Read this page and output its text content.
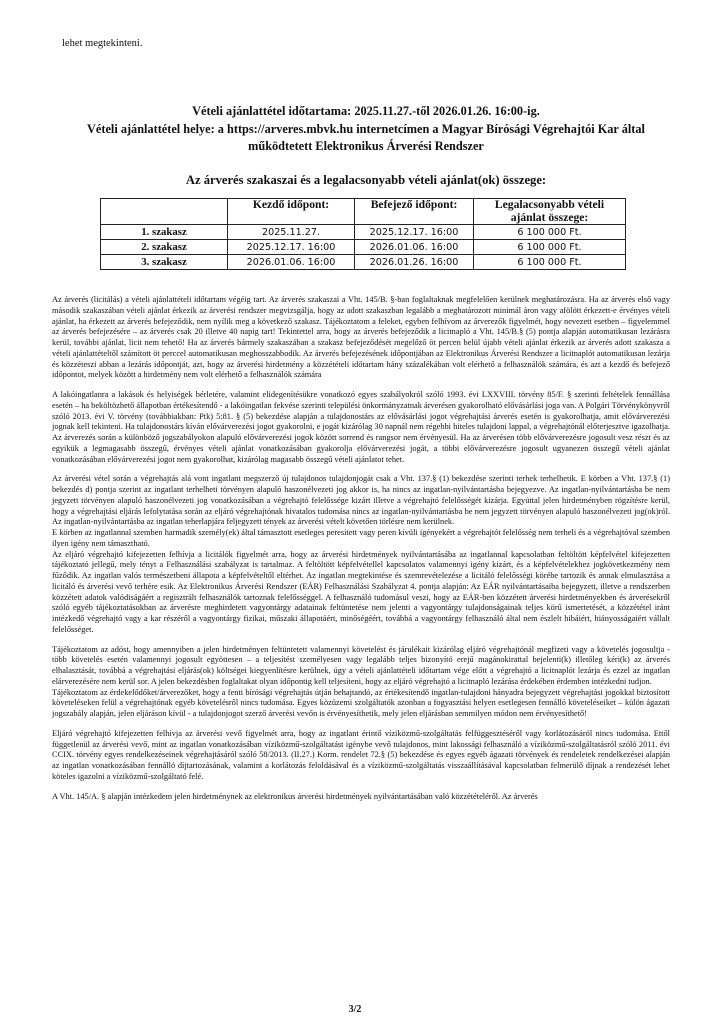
lehet megtekinteni.
Vételi ajánlattétel időtartama: 2025.11.27.-től 2026.01.26. 16:00-ig.
Vételi ajánlattétel helye: a https://arveres.mbvk.hu internetcímen a Magyar Bírósági Végrehajtói Kar által
működtetett Elektronikus Árverési Rendszer
Az árverés szakaszai és a legalacsonyabb vételi ajánlat(ok) összege:
	Kezdő időpont:	Befejező időpont:	Legalacsonyabb vételi ajánlat összege:
1. szakasz	2025.11.27.	2025.12.17. 16:00	6 100 000 Ft.
2. szakasz	2025.12.17. 16:00	2026.01.06. 16:00	6 100 000 Ft.
3. szakasz	2026.01.06. 16:00	2026.01.26. 16:00	6 100 000 Ft.

Az árverés (licitálás) a vételi ajánlattételi időtartam végéig tart. Az árverés szakaszai a Vht. 145/B. §-ban foglaltaknak megfelelően kerülnek meghatározásra. Ha az árverés első vagy második szakaszában vételi ajánlat érkezik az árverési rendszer megvizsgálja, hogy az adott szakaszban legalább a meghatározott minimál áron vagy afölött érkezett-e érvényes vételi ajánlat, ha érkezett az árverés befejeződik, nem nyílik meg a következő szakasz. Tájékoztatom a feleket, egyben felhívom az árverezők figyelmét, hogy nevezett esetben – figyelemmel az árverés befejezésére – az árverés csak 20 illetve 40 napig tart! Tekintettel arra, hogy az árverés befejeződik a licitnapló a Vht. 145/B.§ (5) pontja alapján automatikusan lezárásra kerül, további ajánlat, licit nem tehető! Ha az árverés bármely szakaszában a szakasz befejeződését megelőző öt percen belül újabb vételi ajánlat érkezik az árverés adott szakasza a vételi ajánlattételtől számított öt perccel automatikusan meghosszabbodik. Az árverés befejezésének időpontjában az Elektronikus Árverési Rendszer a licitnaplót automatikusan lezárja és közzéteszi abban a lezárás időpontját, azt, hogy az árverési hirdetmény a közzétételi időtartam hány százalékában volt elérhető a felhasználók számára, és azt a kezdő és befejező időpontot, melyek között a hirdetmény nem volt elérhető a felhasználók számára

A lakóingatlanra a lakások és helyiségek bérletére, valamint elidegenítésükre vonatkozó egyes szabályokról szóló 1993. évi LXXVIII. törvény 85/F. § szerinti feltételek fennállása esetén – ha beköltözhető állapotban értékesítendő - a lakóingatlan fekvése szerinti települési önkormányzatnak árverésen gyakorolható elővásárlási joga van. A Polgári Törvénykönyvről szóló 2013. évi V. törvény (továbbiakban: Ptk) 5:81. § (5) bekezdése alapján a tulajdonostárs az elővásárlási jogot végrehajtási árverés esetén is gyakorolhatja, amit elővárverezési jognak kell tekinteni. Ha tulajdonostárs kíván elővárverezési jogot gyakorolni, e jogát kizárólag 30 napnál nem régebbi hiteles tulajdoni lappal, a végrehajtónál előterjesztve igazolhatja. Az árverezés során a különböző jogszabályokon alapuló elővárverezési jogok között sorrend és rangsor nem érvényesül. Ha az árverésen több elővárverezésre jogosult vesz részt és az egyikük a legmagasabb összegű, érvényes vételi ajánlat vonatkozásában gyakorolja elővárverezési jogát, a többi elővárverezésre jogosult ugyanezen összegű vételi ajánlat vonatkozásában elővárverezési jogot nem gyakorolhat, kizárólag magasabb összegű vételi ajánlatot tehet.

Az árverési vétel során a végrehajtás alá vont ingatlant megszerző új tulajdonos tulajdonjogát csak a Vht. 137.§ (1) bekezdése szerinti terhek terhelhetik. E körben a Vht. 137.§ (1) bekezdés d) pontja szerint az ingatlant terhelheti törvényen alapuló haszonélvezeti jog akkor is, ha nincs az ingatlan-nyilvántartásba bejegyezve. Az ingatlan-nyilvántartásba be nem jegyzett törvényen alapuló haszonélvezeti jog vonatkozásában a végrehajtó felelőssége kizárt illetve a végrehajtó felelősségét kizárja. Egyúttal jelen hirdetményben rögzítésre kerül, hogy a végrehajtási eljárás lefolytatása során az eljáró végrehajtónak hivatalos tudomása nincs az ingatlan-nyilvántartásba be nem jegyzett törvényen alapuló haszonélvezeti jog(ok)ról. Az ingatlan-nyilvántartásba az ingatlan teherlapjára feljegyzett tények az árverési vételt követően törlésre nem kerülnek.

E körben az ingatlannal szemben harmadik személy(ek) által támasztott esetleges peresített vagy peren kívüli igényekért a végrehajtót felelősség nem terheli és a végrehajtóval szemben ilyen igény nem támasztható.

Az eljáró végrehajtó kifejezetten felhívja a licitálók figyelmét arra, hogy az árverési hirdetmények nyilvántartásába az ingatlannal kapcsolatban feltöltött képfelvétel kifejezetten tájékoztató jellegű, mely tényt a Felhasználási szabályzat is tartalmaz. A feltöltött képfelvétellel kapcsolatos valamennyi igény kizárt, és a képfelvételekhez jogkövetkezmény nem fűződik. Az ingatlan valós természetbeni állapota a képfelvételtől eltérhet. Az ingatlan megtekintése és szemrevételezése a licitáló felelősségi körébe tartozik és annak elmulasztása a licitáló és árverési vevő terhére esik. Az Elektronikus Árverési Rendszer (EÁR) Felhasználási Szabályzat 4. pontja alapján: Az EÁR nyilvántartásaiba bejegyzett, illetve a rendszerben közzétett adatok valódiságáért a regisztrált felhasználók tartoznak felelősséggel. A felhasználó tudomásul veszi, hogy az EÁR-ben közzétett árverési hirdetményekben és árverésekről szóló egyéb tájékoztatásokban az árverésre meghirdetett vagyontárgy adatainak feltüntetése nem jelenti a vagyontárgy tulajdonságainak teljes körű ismertetését, a közzététel iránt intézkedő végrehajtó vagy a kar részéről a vagyontárgy fizikai, műszaki állapotáért, minőségéért, továbbá a vagyontárgy felhasználó által nem észlelt hibáiért, hiányosságaiért vállalt felelősséget.

Tájékoztatom az adóst, hogy amennyiben a jelen hirdetményen feltüntetett valamennyi követelést és járulékait kizárólag eljáró végrehajtónál megfizeti vagy a követelés jogosultja - több követelés esetén valamennyi jogosult egyöttesen – a teljesítést személyesen vagy legalább teljes bizonyító erejű magánokirattal bejelenti(k) illetőleg kéri(k) az árverés elhalasztását, továbbá a végrehajtási eljárás(ok) költségei kiegyenlítésre kerülnek, úgy a vételi ajánlattételi időtartam vége előtt a végrehajtó a licitnaplót lezárja és ezzel az ingatlan elárverezésére nem kerül sor. A jelen bekezdésben foglaltakat olyan időpontig kell teljesíteni, hogy az eljáró végrehajtó a licitnapló lezárása érdekében érdemben intézkedni tudjon.

Tájékoztatom az érdekelődőket/árverezőket, hogy a fenti bírósági végrehajtás útján behajtandó, az értékesítendő ingatlan-tulajdoni hányadra bejegyzett végrehajtási jogokkal biztosított követeléseken felül a végrehajtónak egyéb követelésről nincs tudomása. Egyes közüzemi szolgáltatók azonban a fogyasztási helyen esetlegesen fennálló követeléseiket – külön ágazati jogszabály alapján, jelen eljáráson kívül - a tulajdonjogot szerző árverési vevőn is érvényesíthetik, mely jelen eljárásban semmilyen módon nem érvényesíthető!

Eljáró végrehajtó kifejezetten felhívja az árverési vevő figyelmét arra, hogy az ingatlant érintő víziközmű-szolgáltatás felfüggesztéséről vagy korlátozásáról nincs tudomása. Ettől függetlenül az árverési vevő, mint az ingatlan vonatkozásában víziközmű-szolgáltatást igénybe vevő tulajdonos, mint lakossági felhasználó a víziközmű-szolgáltatásról szóló 2011. évi CCIX. törvény egyes rendelkezéseinek végrehajtásáról szóló 58/2013. (II.27.) Korm. rendelet 72.§ (5) bekezdése és egyes egyéb ágazati törvények és rendeletek rendelkezései alapján az ingatlan vonatkozásában fennálló díjtartozásának, valamint a korlátozás feloldásával és a víziközmű-szolgáltatás visszaállításával kapcsolatban felmerülő díjnak a rendezését lehet köteles igazolni a víziközmű-szolgáltató felé.

A Vht. 145/A. § alapján intézkedem jelen hirdetménynek az elektronikus árverési hirdetmények nyilvántartásában való közzétételéről. Az árverés

3/2
